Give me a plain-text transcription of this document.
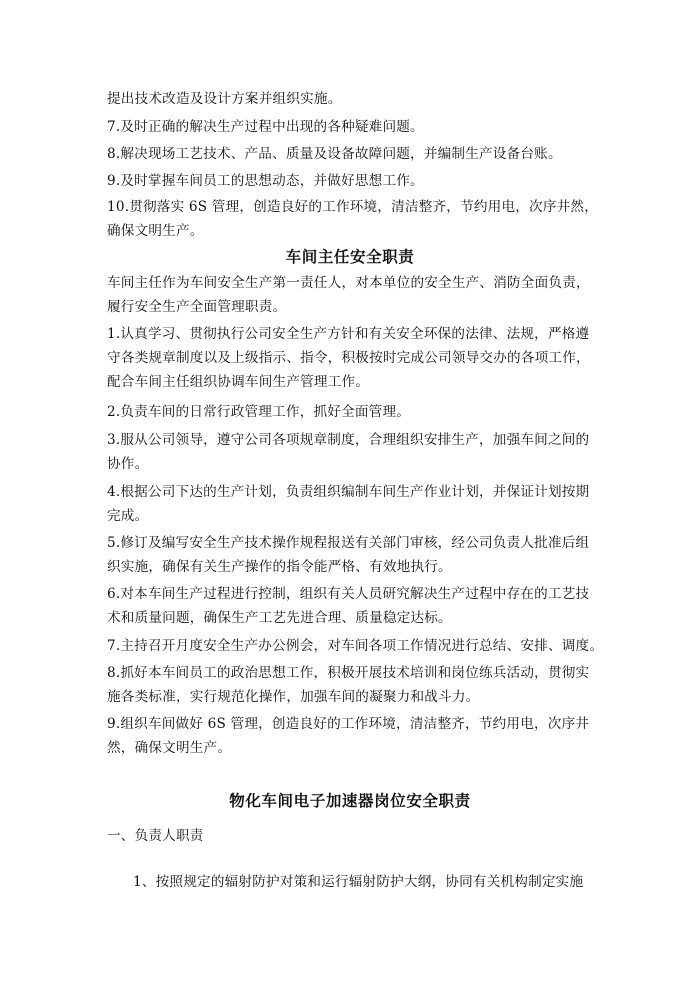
提出技术改造及设计方案并组织实施。
7.及时正确的解决生产过程中出现的各种疑难问题。
8.解决现场工艺技术、产品、质量及设备故障问题，并编制生产设备台账。
9.及时掌握车间员工的思想动态，并做好思想工作。
10.贯彻落实 6S 管理，创造良好的工作环境，清洁整齐，节约用电，次序井然，
确保文明生产。
车间主任安全职责
车间主任作为车间安全生产第一责任人，对本单位的安全生产、消防全面负责，
履行安全生产全面管理职责。
1.认真学习、贯彻执行公司安全生产方针和有关安全环保的法律、法规，严格遵
守各类规章制度以及上级指示、指令，积极按时完成公司领导交办的各项工作，
配合车间主任组织协调车间生产管理工作。
2.负责车间的日常行政管理工作，抓好全面管理。
3.服从公司领导，遵守公司各项规章制度，合理组织安排生产，加强车间之间的
协作。
4.根据公司下达的生产计划，负责组织编制车间生产作业计划，并保证计划按期
完成。
5.修订及编写安全生产技术操作规程报送有关部门审核，经公司负责人批准后组
织实施，确保有关生产操作的指令能严格、有效地执行。
6.对本车间生产过程进行控制，组织有关人员研究解决生产过程中存在的工艺技
术和质量问题，确保生产工艺先进合理、质量稳定达标。
7.主持召开月度安全生产办公例会，对车间各项工作情况进行总结、安排、调度。
8.抓好本车间员工的政治思想工作，积极开展技术培训和岗位练兵活动，贯彻实
施各类标准，实行规范化操作，加强车间的凝聚力和战斗力。
9.组织车间做好 6S 管理，创造良好的工作环境，清洁整齐，节约用电，次序井
然，确保文明生产。
物化车间电子加速器岗位安全职责
一、负责人职责
1、按照规定的辐射防护对策和运行辐射防护大纲，协同有关机构制定实施
